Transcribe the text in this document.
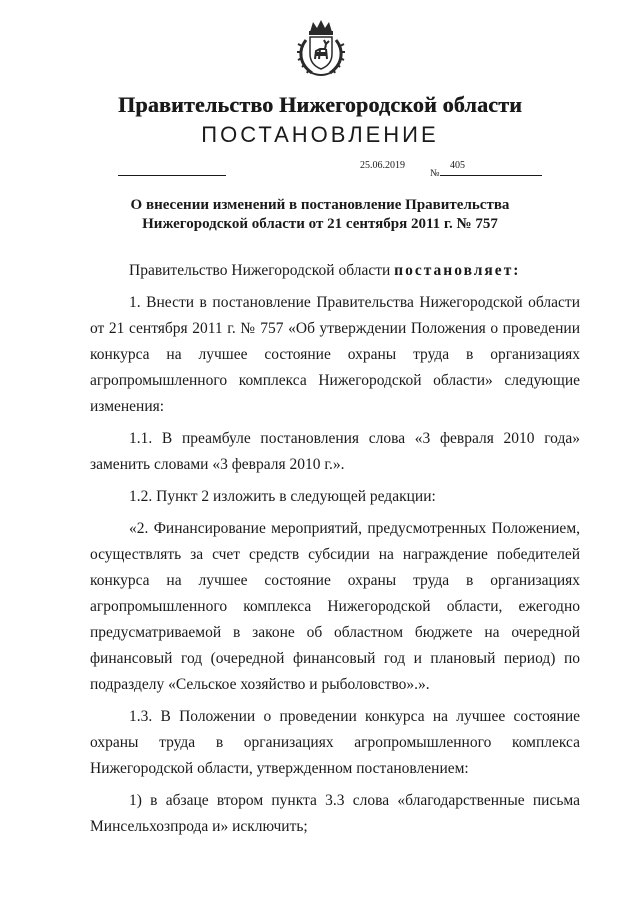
Правительство Нижегородской области
ПОСТАНОВЛЕНИЕ
25.06.2019
№
405
О внесении изменений в постановление Правительства
Нижегородской области от 21 сентября 2011 г. № 757

Правительство Нижегородской области постановляет:

1. Внести в постановление Правительства Нижегородской области от 21 сентября 2011 г. № 757 «Об утверждении Положения о проведении конкурса на лучшее состояние охраны труда в организациях агропромышленного комплекса Нижегородской области» следующие изменения:

1.1. В преамбуле постановления слова «3 февраля 2010 года» заменить словами «3 февраля 2010 г.».

1.2. Пункт 2 изложить в следующей редакции:

«2. Финансирование мероприятий, предусмотренных Положением, осуществлять за счет средств субсидии на награждение победителей конкурса на лучшее состояние охраны труда в организациях агропромышленного комплекса Нижегородской области, ежегодно предусматриваемой в законе об областном бюджете на очередной финансовый год (очередной финансовый год и плановый период) по подразделу «Сельское хозяйство и рыболовство».».

1.3. В Положении о проведении конкурса на лучшее состояние охраны труда в организациях агропромышленного комплекса Нижегородской области, утвержденном постановлением:

1) в абзаце втором пункта 3.3 слова «благодарственные письма Минсельхозпрода и» исключить;
